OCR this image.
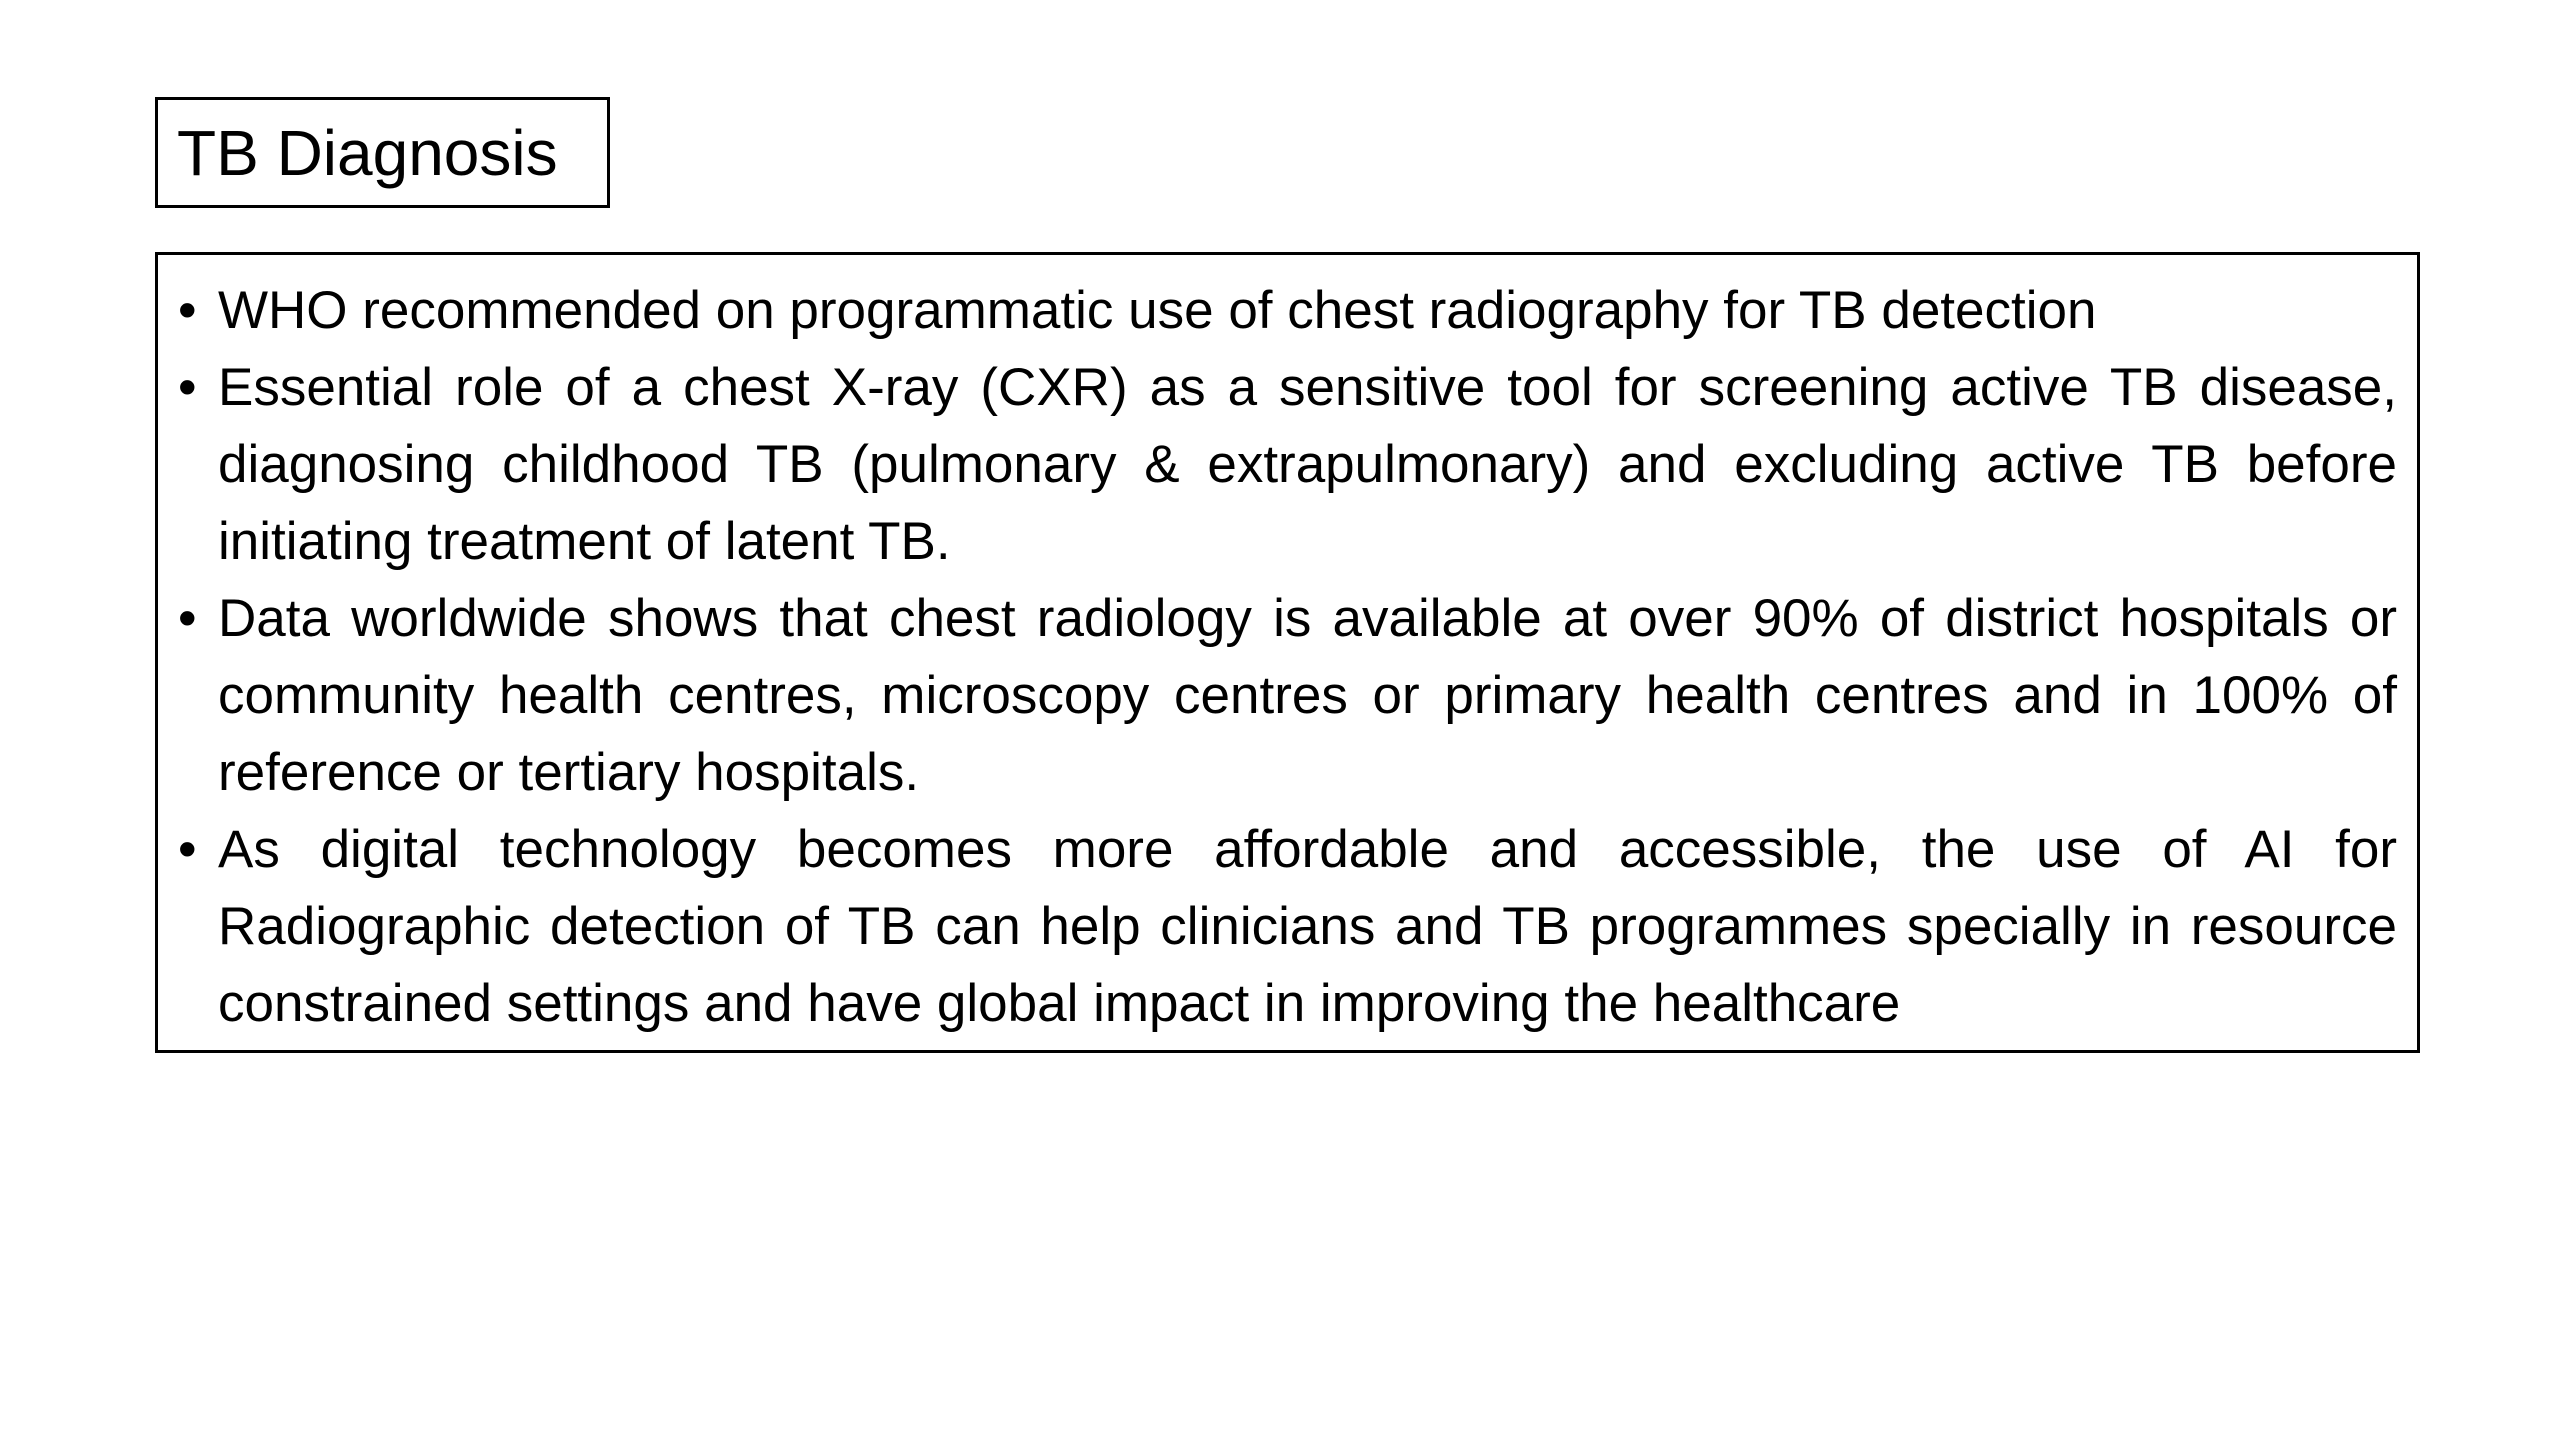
TB Diagnosis
• WHO recommended on programmatic use of chest radiography for TB detection
• Essential role of a chest X-ray (CXR) as a sensitive tool for screening active TB disease, diagnosing childhood TB (pulmonary & extrapulmonary) and excluding active TB before initiating treatment of latent TB.
• Data worldwide shows that chest radiology is available at over 90% of district hospitals or community health centres, microscopy centres or primary health centres and in 100% of reference or tertiary hospitals.
• As digital technology becomes more affordable and accessible, the use of AI for Radiographic detection of TB can help clinicians and TB programmes specially in resource constrained settings and have global impact in improving the healthcare
